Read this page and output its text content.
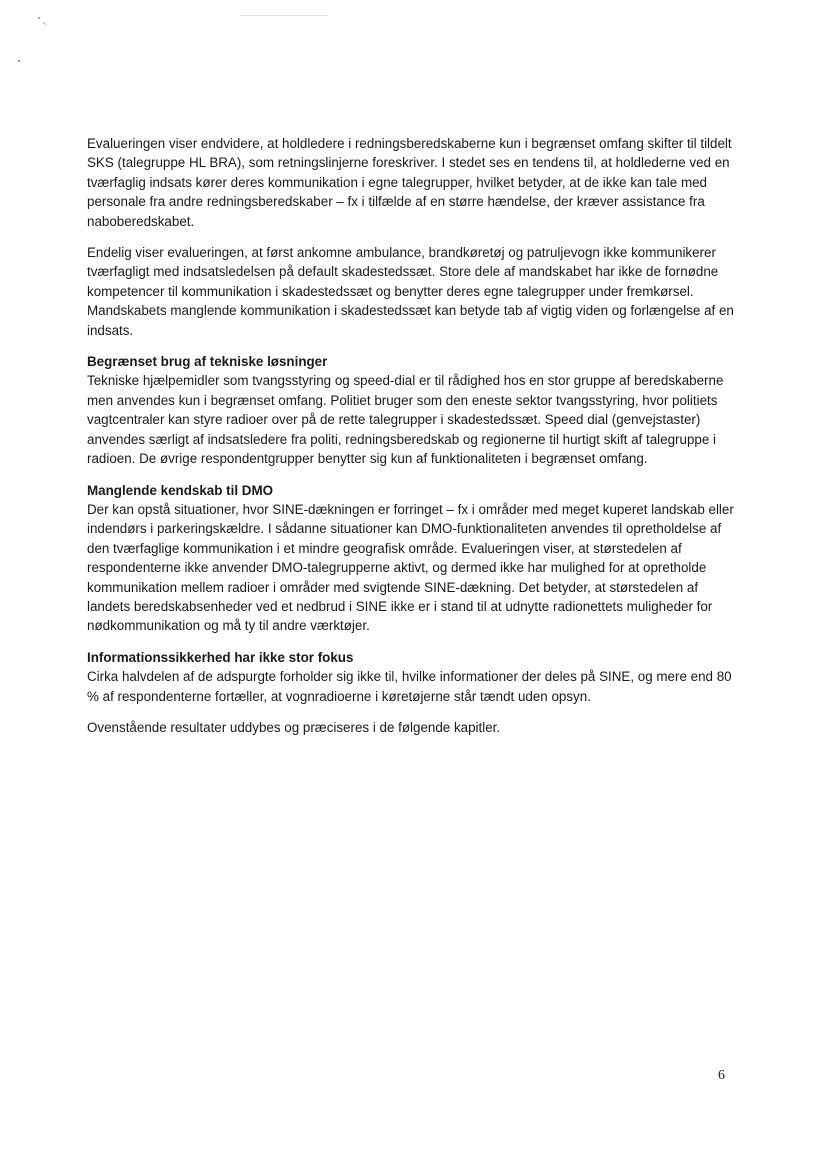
Evalueringen viser endvidere, at holdledere i redningsberedskaberne kun i begrænset omfang skifter til tildelt SKS (talegruppe HL BRA), som retningslinjerne foreskriver. I stedet ses en tendens til, at holdlederne ved en tværfaglig indsats kører deres kommunikation i egne talegrupper, hvilket betyder, at de ikke kan tale med personale fra andre redningsberedskaber – fx i tilfælde af en større hændelse, der kræver assistance fra naboberedskabet.

Endelig viser evalueringen, at først ankomne ambulance, brandkøretøj og patruljevogn ikke kommunikerer tværfagligt med indsatsledelsen på default skadestedssæt. Store dele af mandskabet har ikke de fornødne kompetencer til kommunikation i skadestedssæt og benytter deres egne talegrupper under fremkørsel. Mandskabets manglende kommunikation i skadestedssæt kan betyde tab af vigtig viden og forlængelse af en indsats.

Begrænset brug af tekniske løsninger

Tekniske hjælpemidler som tvangsstyring og speed-dial er til rådighed hos en stor gruppe af beredskaberne men anvendes kun i begrænset omfang. Politiet bruger som den eneste sektor tvangsstyring, hvor politiets vagtcentraler kan styre radioer over på de rette talegrupper i skadestedssæt. Speed dial (genvejstaster) anvendes særligt af indsatsledere fra politi, redningsberedskab og regionerne til hurtigt skift af talegruppe i radioen. De øvrige respondentgrupper benytter sig kun af funktionaliteten i begrænset omfang.

Manglende kendskab til DMO

Der kan opstå situationer, hvor SINE-dækningen er forringet – fx i områder med meget kuperet landskab eller indendørs i parkeringskældre. I sådanne situationer kan DMO-funktionaliteten anvendes til opretholdelse af den tværfaglige kommunikation i et mindre geografisk område. Evalueringen viser, at størstedelen af respondenterne ikke anvender DMO-talegrupperne aktivt, og dermed ikke har mulighed for at opretholde kommunikation mellem radioer i områder med svigtende SINE-dækning. Det betyder, at størstedelen af landets beredskabsenheder ved et nedbrud i SINE ikke er i stand til at udnytte radionettets muligheder for nødkommunikation og må ty til andre værktøjer.

Informationssikkerhed har ikke stor fokus

Cirka halvdelen af de adspurgte forholder sig ikke til, hvilke informationer der deles på SINE, og mere end 80 % af respondenterne fortæller, at vognradioerne i køretøjerne står tændt uden opsyn.

Ovenstående resultater uddybes og præciseres i de følgende kapitler.

6
